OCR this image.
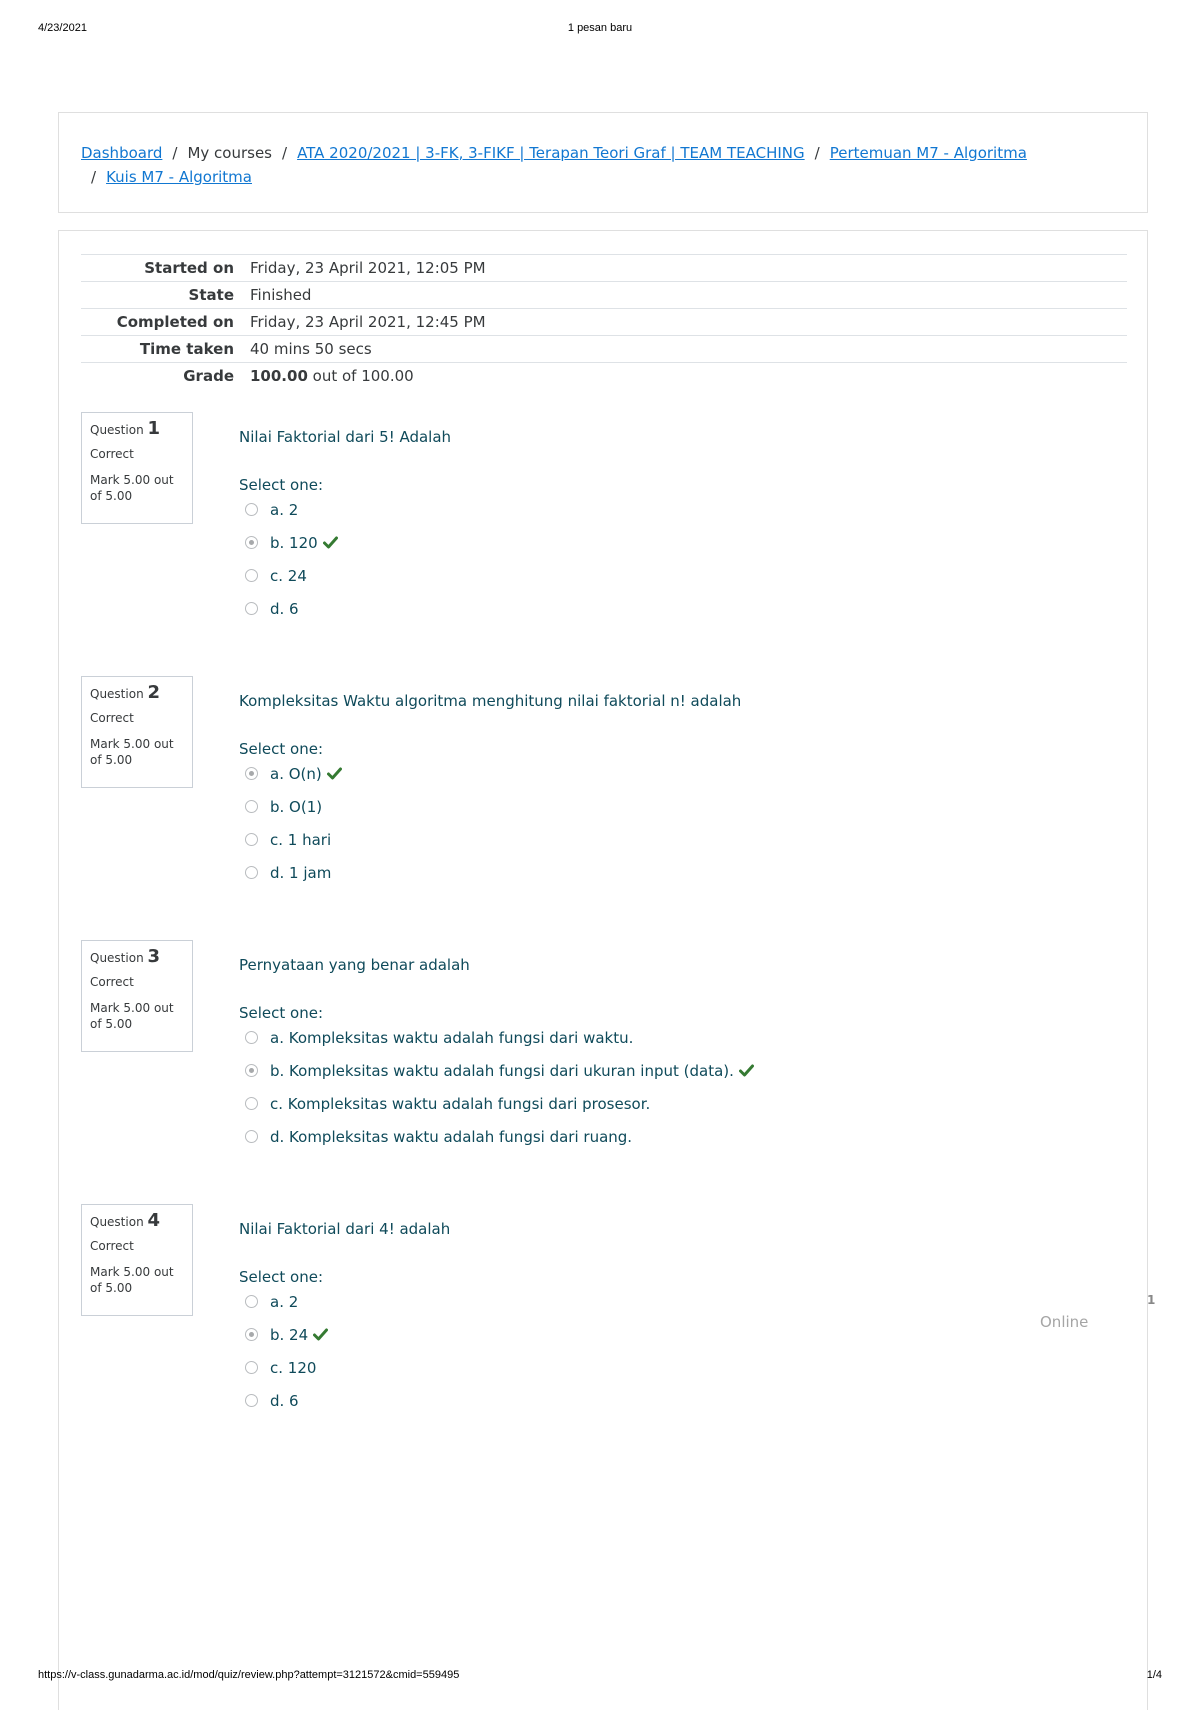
4/23/2021	1 pesan baru
Dashboard / My courses / ATA 2020/2021 | 3-FK, 3-FIKF | Terapan Teori Graf | TEAM TEACHING / Pertemuan M7 - Algoritma
/ Kuis M7 - Algoritma
Started on	Friday, 23 April 2021, 12:05 PM
State	Finished
Completed on	Friday, 23 April 2021, 12:45 PM
Time taken	40 mins 50 secs
Grade	100.00 out of 100.00
Question 1
Correct
Mark 5.00 out of 5.00
Nilai Faktorial dari 5! Adalah
Select one:
a. 2
b. 120
c. 24
d. 6
Question 2
Correct
Mark 5.00 out of 5.00
Kompleksitas Waktu algoritma menghitung nilai faktorial n! adalah
Select one:
a. O(n)
b. O(1)
c. 1 hari
d. 1 jam
Question 3
Correct
Mark 5.00 out of 5.00
Pernyataan yang benar adalah
Select one:
a. Kompleksitas waktu adalah fungsi dari waktu.
b. Kompleksitas waktu adalah fungsi dari ukuran input (data).
c. Kompleksitas waktu adalah fungsi dari prosesor.
d. Kompleksitas waktu adalah fungsi dari ruang.
Question 4
Correct
Mark 5.00 out of 5.00
Nilai Faktorial dari 4! adalah
Select one:
a. 2
b. 24
c. 120
d. 6
Online
1
https://v-class.gunadarma.ac.id/mod/quiz/review.php?attempt=3121572&cmid=559495	1/4
